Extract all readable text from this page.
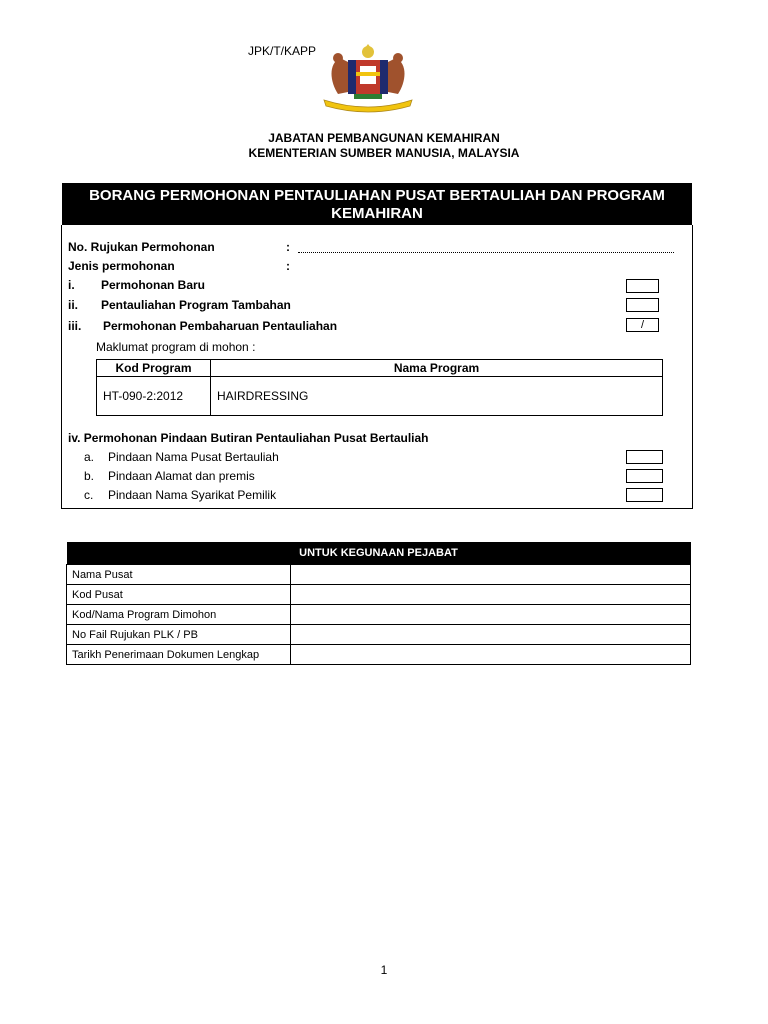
JPK/T/KAPP
JABATAN PEMBANGUNAN KEMAHIRAN
KEMENTERIAN SUMBER MANUSIA, MALAYSIA
BORANG PERMOHONAN PENTAULIAHAN PUSAT BERTAULIAH DAN PROGRAM
KEMAHIRAN
No. Rujukan Permohonan	:
Jenis permohonan	:
i. Permohonan Baru
ii. Pentauliahan Program Tambahan
iii. Permohonan Pembaharuan Pentauliahan	/
Maklumat program di mohon :
Kod Program	Nama Program
HT-090-2:2012	HAIRDRESSING
iv. Permohonan Pindaan Butiran Pentauliahan Pusat Bertauliah
a. Pindaan Nama Pusat Bertauliah
b. Pindaan Alamat dan premis
c. Pindaan Nama Syarikat Pemilik
UNTUK KEGUNAAN PEJABAT	
Nama Pusat	
Kod Pusat	
Kod/Nama Program Dimohon	
No Fail Rujukan PLK / PB	
Tarikh Penerimaan Dokumen Lengkap	
1
